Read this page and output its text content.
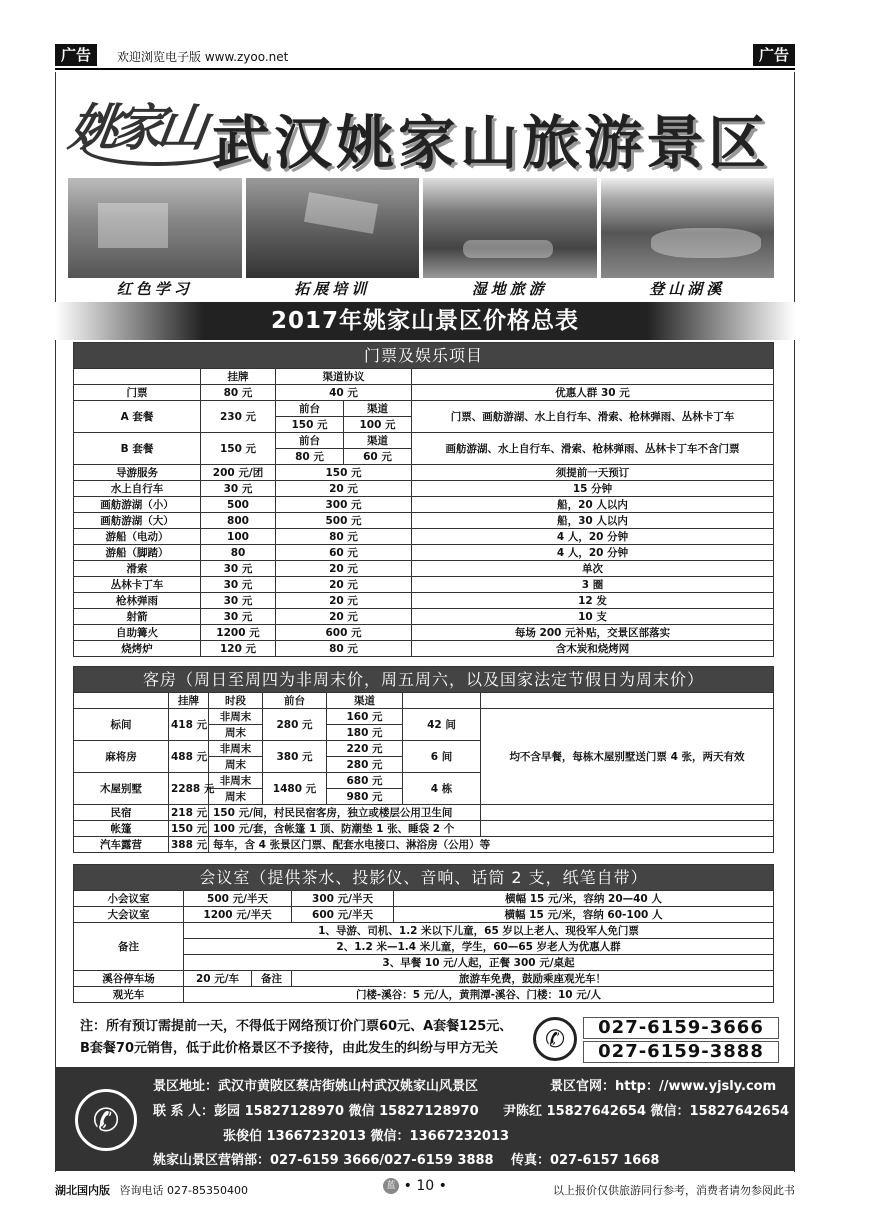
广告	欢迎浏览电子版 www.zyoo.net	广告
姚家山 武汉姚家山旅游景区
红色学习	拓展培训	湿地旅游	登山湖溪
2017年姚家山景区价格总表
门票及娱乐项目				
	挂牌	渠道协议		
门票	80 元	40 元		优惠人群 30 元
A 套餐	230 元	前台	渠道	门票、画舫游湖、水上自行车、滑索、枪林弹雨、丛林卡丁车
		150 元	100 元	
B 套餐	150 元	前台	渠道	画舫游湖、水上自行车、滑索、枪林弹雨、丛林卡丁车不含门票
		80 元	60 元	
导游服务	200 元/团	150 元		须提前一天预订
水上自行车	30 元	20 元		15 分钟
画舫游湖（小）	500	300 元		船，20 人以内
画舫游湖（大）	800	500 元		船，30 人以内
游船（电动）	100	80 元		4 人，20 分钟
游船（脚踏）	80	60 元		4 人，20 分钟
滑索	30 元	20 元		单次
丛林卡丁车	30 元	20 元		3 圈
枪林弹雨	30 元	20 元		12 发
射箭	30 元	20 元		10 支
自助篝火	1200 元	600 元		每场 200 元补贴，交景区部落实
烧烤炉	120 元	80 元		含木炭和烧烤网
客房（周日至周四为非周末价，周五周六，以及国家法定节假日为周末价）						
	挂牌	时段	前台	渠道		
标间	418 元	非周末	280 元	160 元	42 间	均不含早餐，每栋木屋别墅送门票 4 张，两天有效
		周末		180 元		
麻将房	488 元	非周末	380 元	220 元	6 间	
		周末		280 元		
木屋别墅	2288 元	非周末	1480 元	680 元	4 栋	
		周末		980 元		
民宿	218 元	150 元/间，村民民宿客房，独立或楼层公用卫生间				
帐篷	150 元	100 元/套，含帐篷 1 顶、防潮垫 1 张、睡袋 2 个				
汽车露营	388 元	每车，含 4 张景区门票、配套水电接口、淋浴房（公用）等				
会议室（提供茶水、投影仪、音响、话筒 2 支，纸笔自带）				
小会议室	500 元/半天		300 元/半天	横幅 15 元/米，容纳 20—40 人
大会议室	1200 元/半天		600 元/半天	横幅 15 元/米，容纳 60-100 人
备注	1、导游、司机、1.2 米以下儿童，65 岁以上老人、现役军人免门票			
	2、1.2 米—1.4 米儿童，学生，60—65 岁老人为优惠人群			
	3、早餐 10 元/人起，正餐 300 元/桌起			
溪谷停车场	20 元/车	备注	旅游车免费，鼓励乘座观光车！	
观光车	门楼-溪谷：5 元/人，黄荆潭-溪谷、门楼：10 元/人			
注：所有预订需提前一天，不得低于网络预订价门票60元、A套餐125元、
B套餐70元销售，低于此价格景区不予接待，由此发生的纠纷与甲方无关	✆	027-6159-3666
027-6159-3888
✆
景区地址：武汉市黄陂区蔡店街姚山村武汉姚家山风景区	景区官网：http：//www.yjsly.com
联 系 人：彭园 15827128970 微信 15827128970 尹陈红 15827642654 微信：15827642654
张俊伯 13667232013 微信：13667232013
姚家山景区营销部：027-6159 3666/027-6159 3888 传真：027-6157 1668
湖北国内版 咨询电话 027-85350400	蓝 • 10 •	以上报价仅供旅游同行参考，消费者请勿参阅此书
